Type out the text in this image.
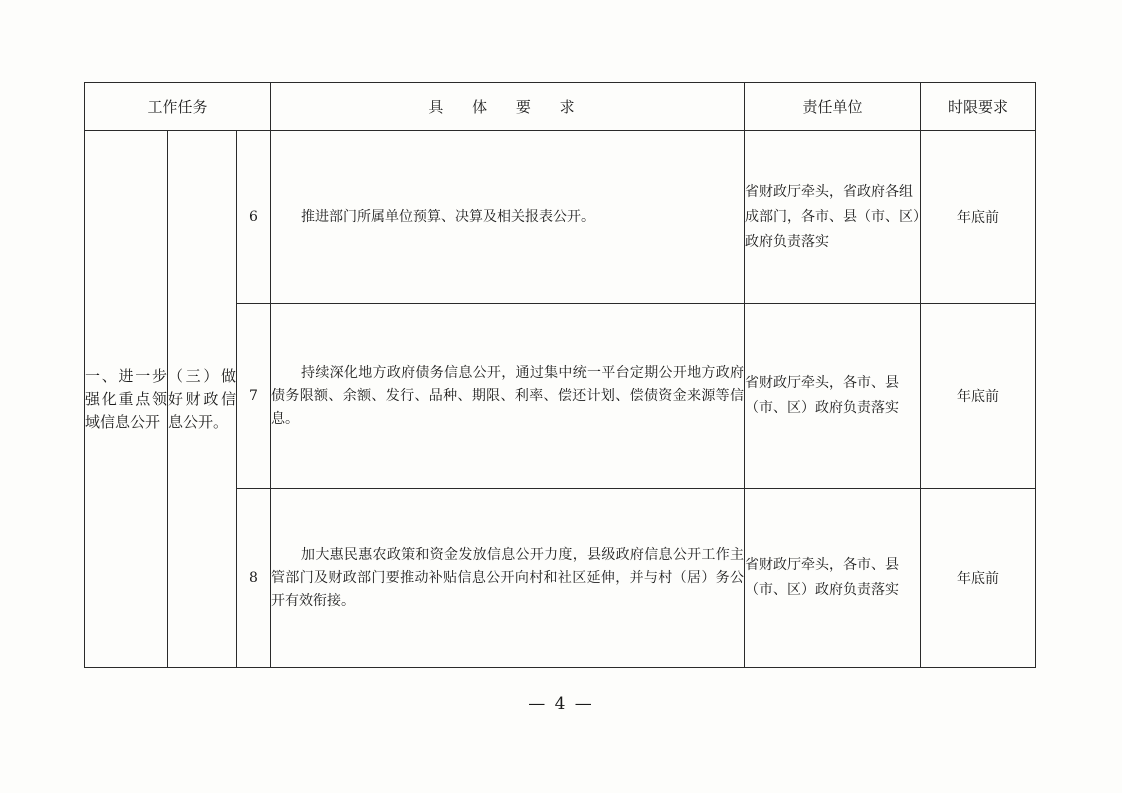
工作任务			具 体 要 求	责任单位	时限要求
一、进一步强化重点领域信息公开	（三）做好财政信息公开。	6	推进部门所属单位预算、决算及相关报表公开。	省财政厅牵头，省政府各组成部门，各市、县（市、区）政府负责落实	年底前
		7	持续深化地方政府债务信息公开，通过集中统一平台定期公开地方政府债务限额、余额、发行、品种、期限、利率、偿还计划、偿债资金来源等信息。	省财政厅牵头，各市、县（市、区）政府负责落实	年底前
		8	加大惠民惠农政策和资金发放信息公开力度，县级政府信息公开工作主管部门及财政部门要推动补贴信息公开向村和社区延伸，并与村（居）务公开有效衔接。	省财政厅牵头，各市、县（市、区）政府负责落实	年底前
— 4 —
